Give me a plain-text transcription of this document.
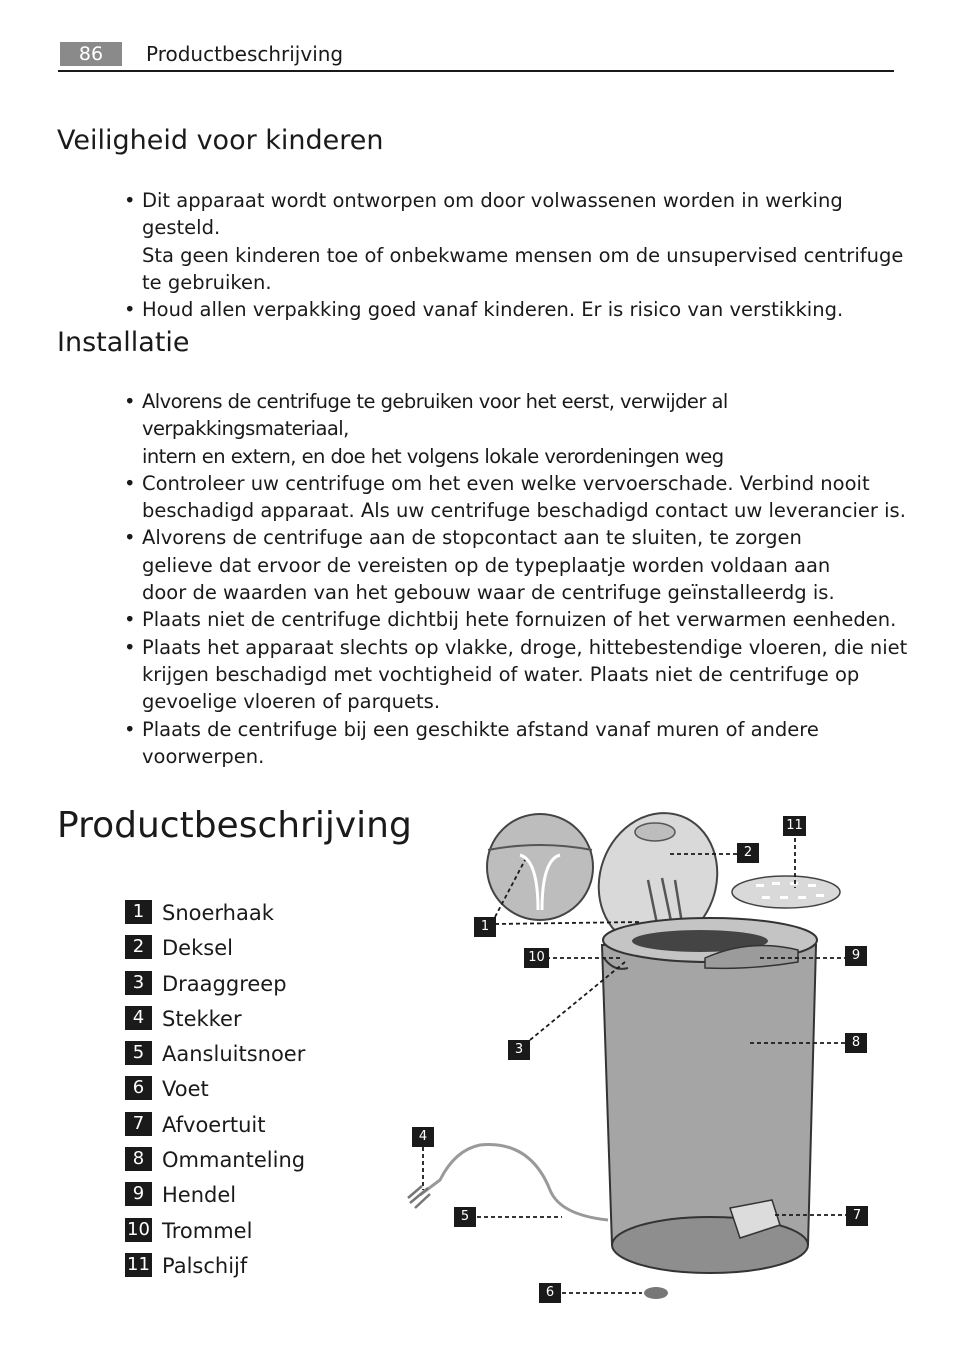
86	Productbeschrijving
Veiligheid voor kinderen
• Dit apparaat wordt ontworpen om door volwassenen worden in werking gesteld.
Sta geen kinderen toe of onbekwame mensen om de unsupervised centrifuge
te gebruiken.
• Houd allen verpakking goed vanaf kinderen. Er is risico van verstikking.
Installatie
• Alvorens de centrifuge te gebruiken voor het eerst, verwijder al verpakkingsmateriaal,
intern en extern, en doe het volgens lokale verordeningen weg
• Controleer uw centrifuge om het even welke vervoerschade. Verbind nooit
beschadigd apparaat. Als uw centrifuge beschadigd contact uw leverancier is.
• Alvorens de centrifuge aan de stopcontact aan te sluiten, te zorgen
gelieve dat ervoor de vereisten op de typeplaatje worden voldaan aan
door de waarden van het gebouw waar de centrifuge geïnstalleerdg is.
• Plaats niet de centrifuge dichtbij hete fornuizen of het verwarmen eenheden.
• Plaats het apparaat slechts op vlakke, droge, hittebestendige vloeren, die niet
krijgen beschadigd met vochtigheid of water. Plaats niet de centrifuge op
gevoelige vloeren of parquets.
• Plaats de centrifuge bij een geschikte afstand vanaf muren of andere
voorwerpen.
Productbeschrijving
1 Snoerhaak
2 Deksel
3 Draaggreep
4 Stekker
5 Aansluitsnoer
6 Voet
7 Afvoertuit
8 Ommanteling
9 Hendel
10 Trommel
11 Palschijf
11
2
1
10	9
8
3
4
5	7
6
